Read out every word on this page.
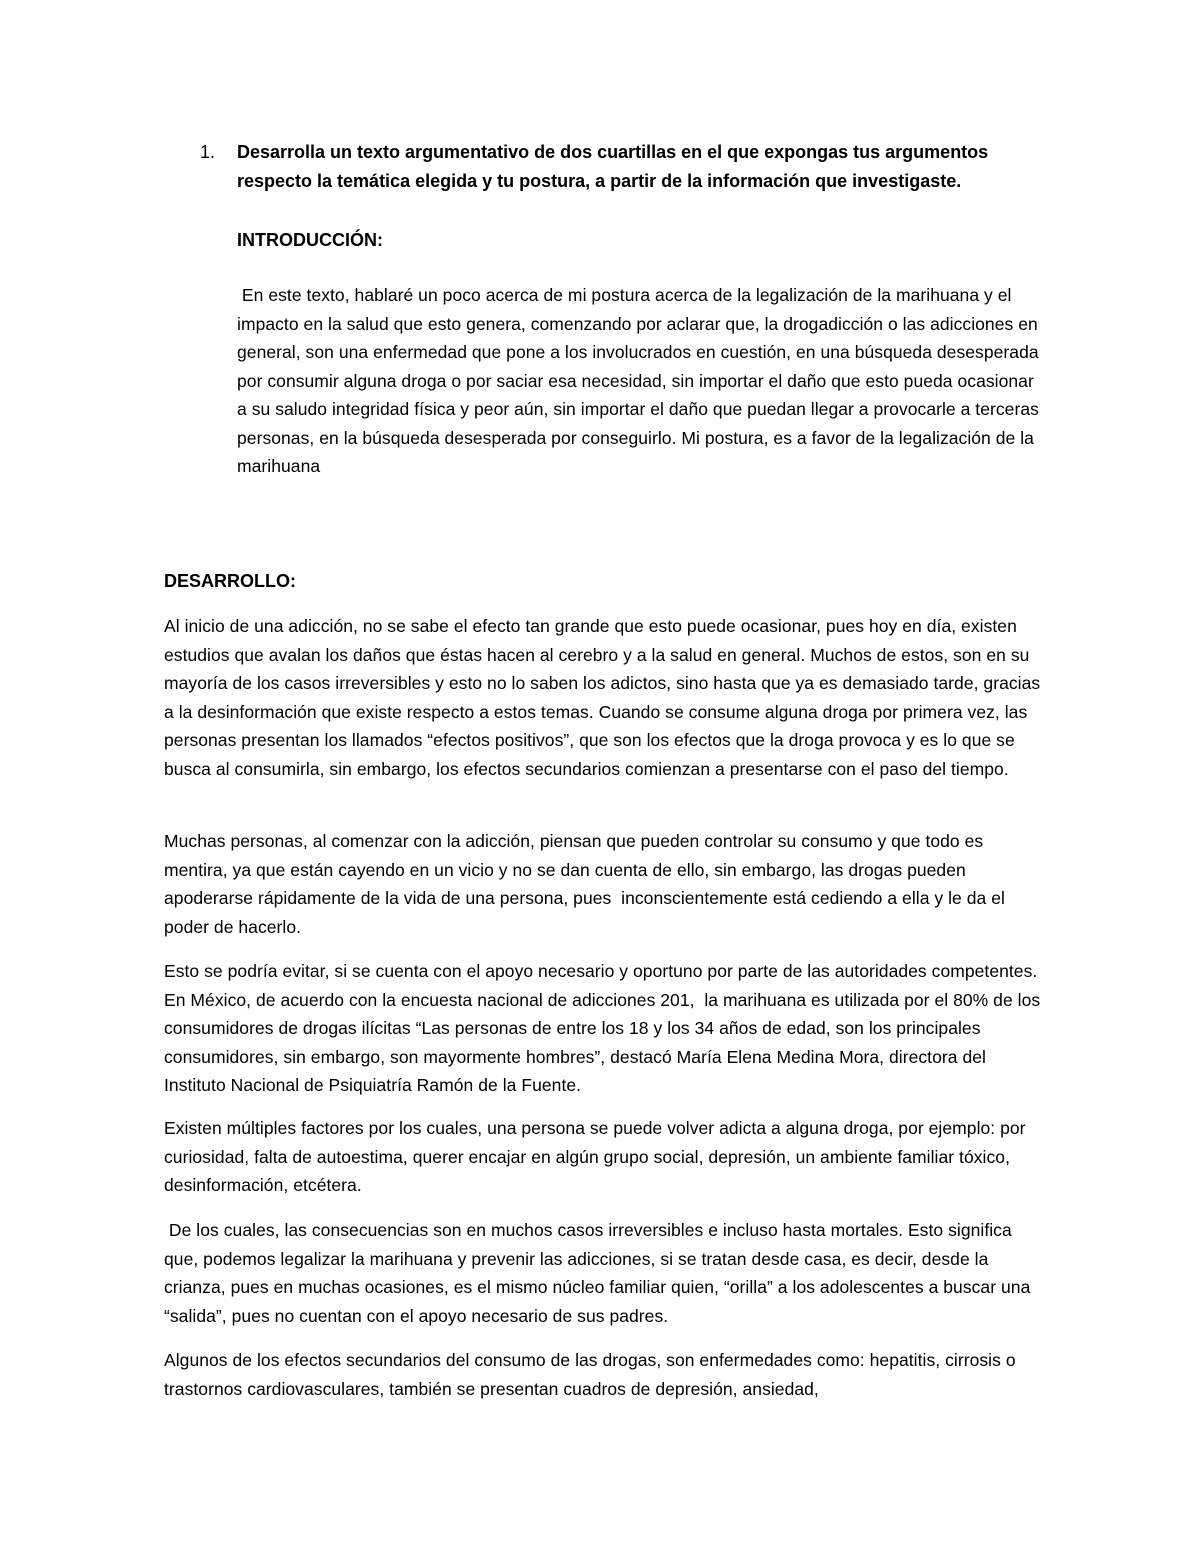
1. Desarrolla un texto argumentativo de dos cuartillas en el que expongas tus argumentos respecto la temática elegida y tu postura, a partir de la información que investigaste.
INTRODUCCIÓN:
En este texto, hablaré un poco acerca de mi postura acerca de la legalización de la marihuana y el impacto en la salud que esto genera, comenzando por aclarar que, la drogadicción o las adicciones en general, son una enfermedad que pone a los involucrados en cuestión, en una búsqueda desesperada por consumir alguna droga o por saciar esa necesidad, sin importar el daño que esto pueda ocasionar a su saludo integridad física y peor aún, sin importar el daño que puedan llegar a provocarle a terceras personas, en la búsqueda desesperada por conseguirlo. Mi postura, es a favor de la legalización de la marihuana
DESARROLLO:

Al inicio de una adicción, no se sabe el efecto tan grande que esto puede ocasionar, pues hoy en día, existen estudios que avalan los daños que éstas hacen al cerebro y a la salud en general. Muchos de estos, son en su mayoría de los casos irreversibles y esto no lo saben los adictos, sino hasta que ya es demasiado tarde, gracias a la desinformación que existe respecto a estos temas. Cuando se consume alguna droga por primera vez, las personas presentan los llamados “efectos positivos”, que son los efectos que la droga provoca y es lo que se busca al consumirla, sin embargo, los efectos secundarios comienzan a presentarse con el paso del tiempo.

Muchas personas, al comenzar con la adicción, piensan que pueden controlar su consumo y que todo es mentira, ya que están cayendo en un vicio y no se dan cuenta de ello, sin embargo, las drogas pueden apoderarse rápidamente de la vida de una persona, pues  inconscientemente está cediendo a ella y le da el poder de hacerlo.

Esto se podría evitar, si se cuenta con el apoyo necesario y oportuno por parte de las autoridades competentes. En México, de acuerdo con la encuesta nacional de adicciones 201,  la marihuana es utilizada por el 80% de los consumidores de drogas ilícitas “Las personas de entre los 18 y los 34 años de edad, son los principales consumidores, sin embargo, son mayormente hombres”, destacó María Elena Medina Mora, directora del Instituto Nacional de Psiquiatría Ramón de la Fuente.

Existen múltiples factores por los cuales, una persona se puede volver adicta a alguna droga, por ejemplo: por curiosidad, falta de autoestima, querer encajar en algún grupo social, depresión, un ambiente familiar tóxico, desinformación, etcétera.

De los cuales, las consecuencias son en muchos casos irreversibles e incluso hasta mortales. Esto significa que, podemos legalizar la marihuana y prevenir las adicciones, si se tratan desde casa, es decir, desde la crianza, pues en muchas ocasiones, es el mismo núcleo familiar quien, “orilla” a los adolescentes a buscar una “salida”, pues no cuentan con el apoyo necesario de sus padres.

Algunos de los efectos secundarios del consumo de las drogas, son enfermedades como: hepatitis, cirrosis o trastornos cardiovasculares, también se presentan cuadros de depresión, ansiedad,
